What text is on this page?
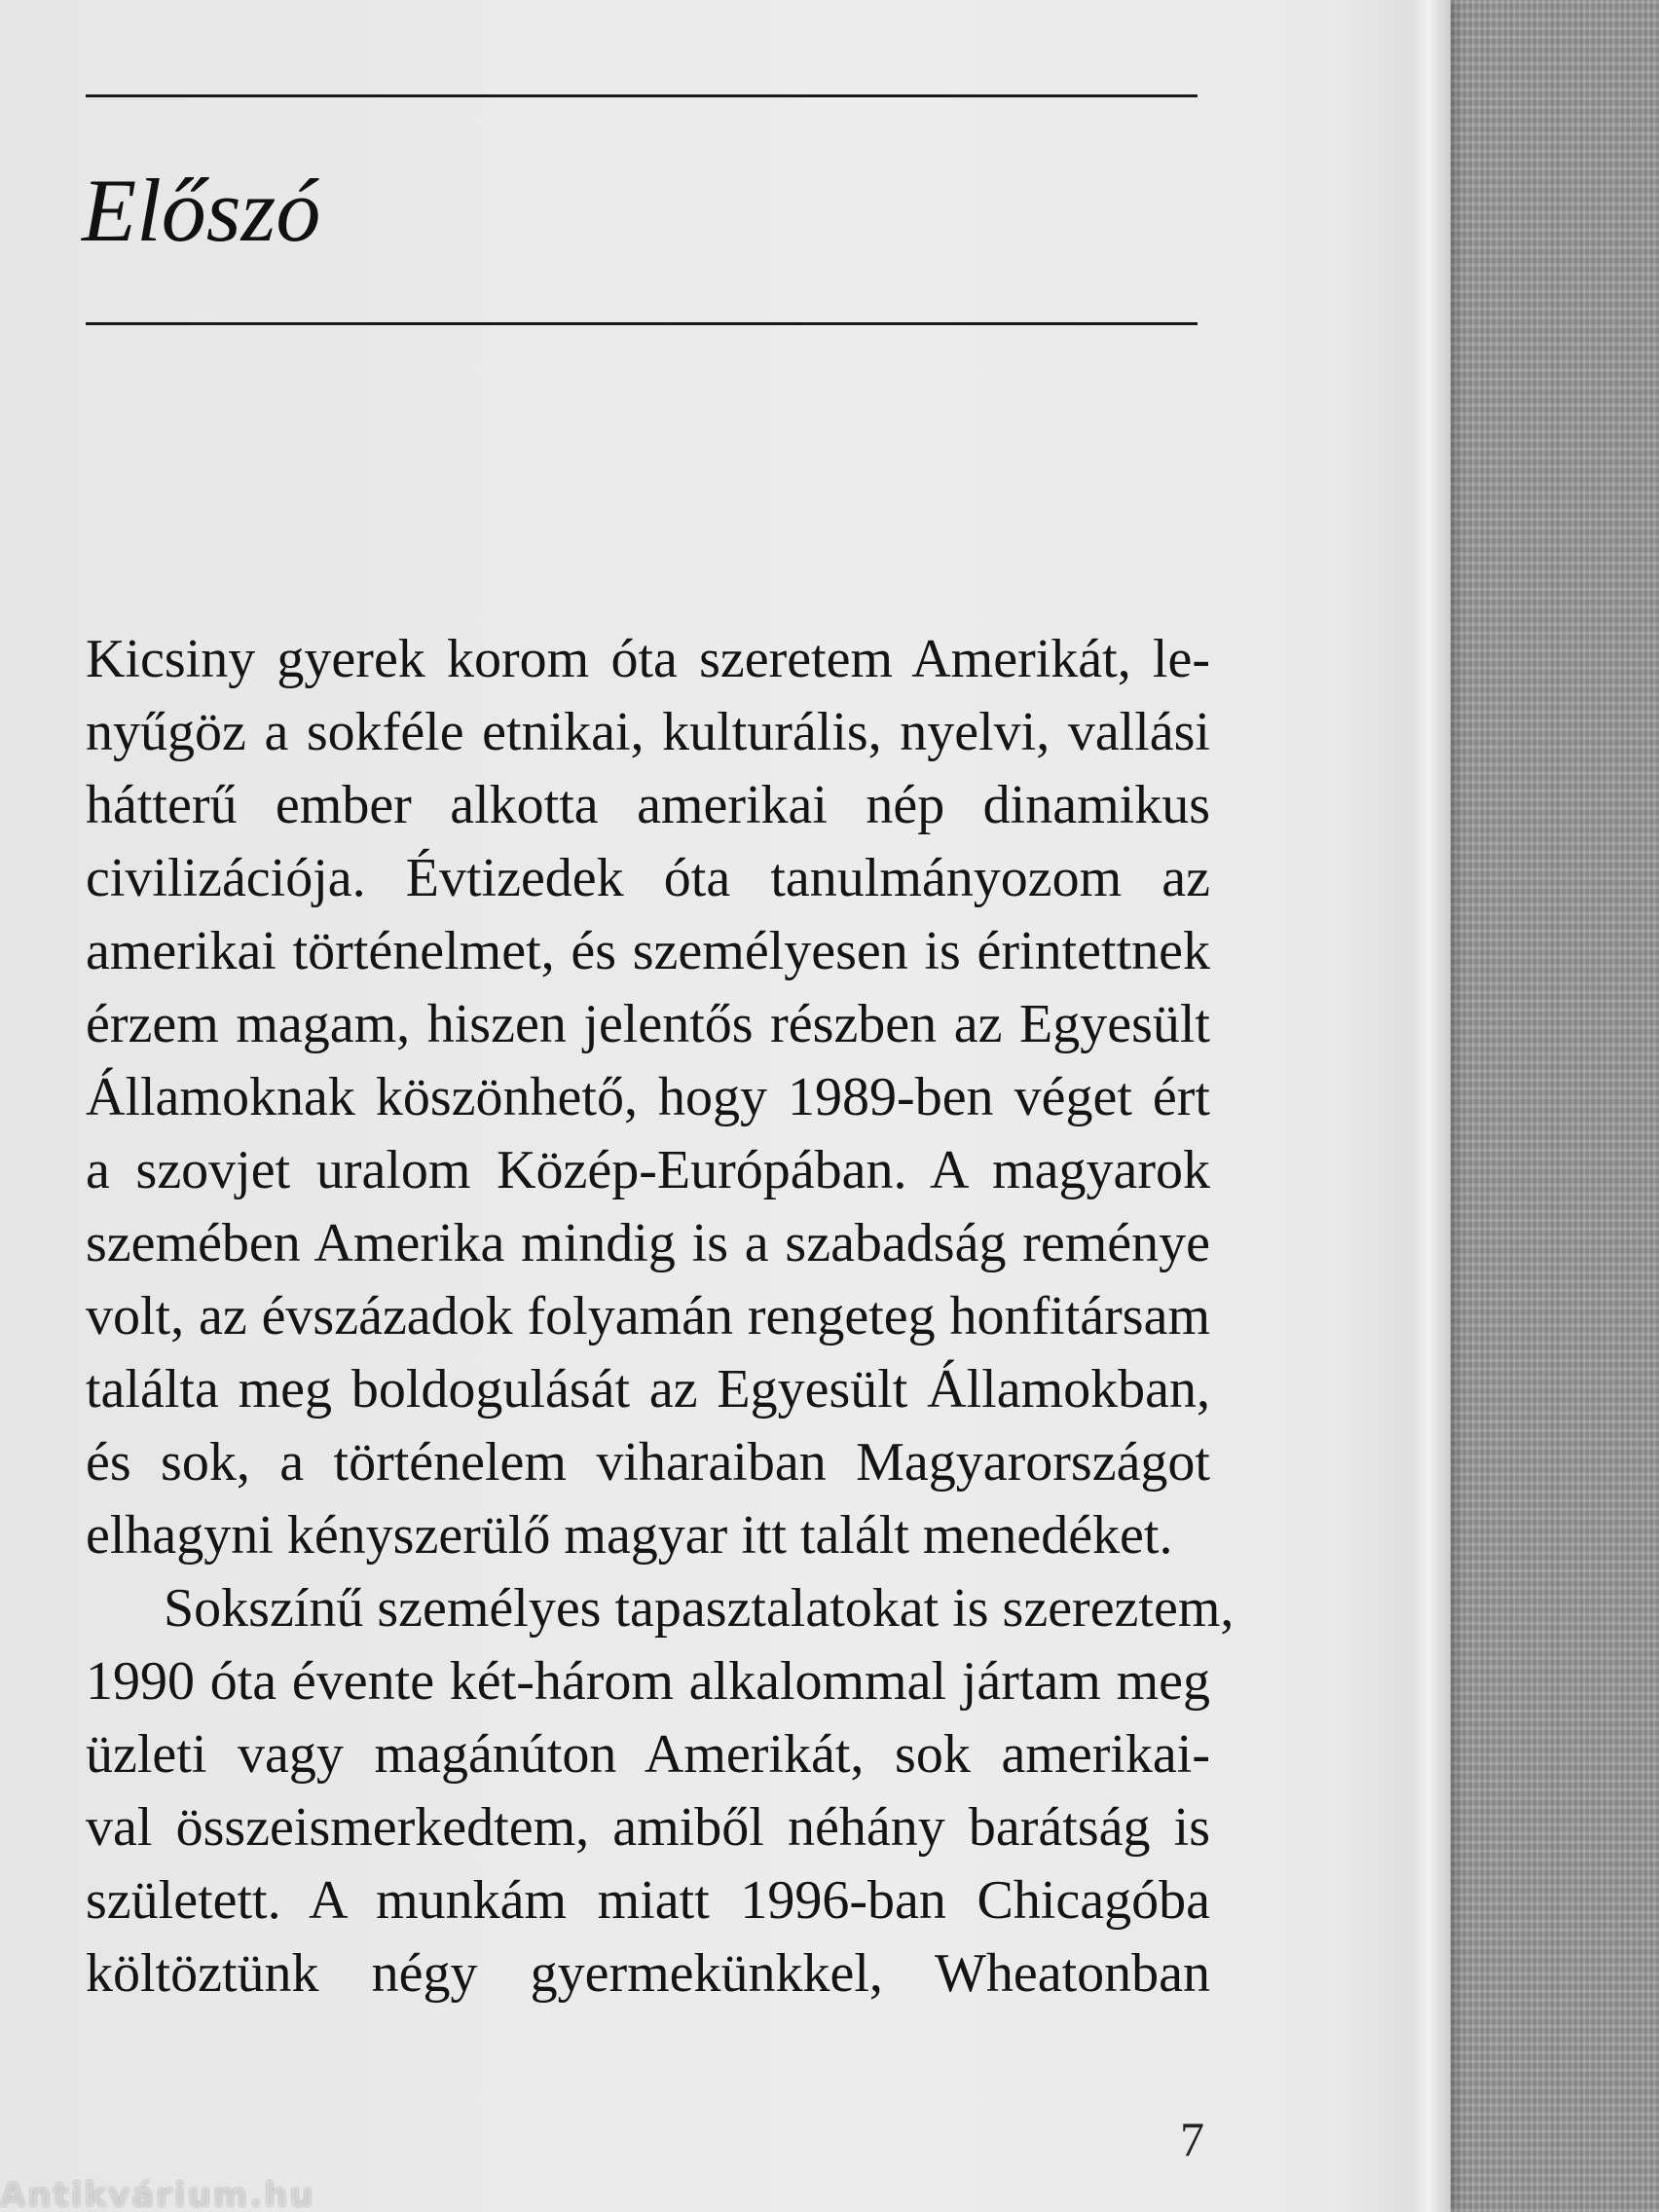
Előszó
Kicsiny gyerek korom óta szeretem Amerikát, le-
nyűgöz a sokféle etnikai, kulturális, nyelvi, vallási
hátterű ember alkotta amerikai nép dinamikus
civilizációja. Évtizedek óta tanulmányozom az
amerikai történelmet, és személyesen is érintettnek
érzem magam, hiszen jelentős részben az Egyesült
Államoknak köszönhető, hogy 1989-ben véget ért
a szovjet uralom Közép-Európában. A magyarok
szemében Amerika mindig is a szabadság reménye
volt, az évszázadok folyamán rengeteg honfitársam
találta meg boldogulását az Egyesült Államokban,
és sok, a történelem viharaiban Magyarországot
elhagyni kényszerülő magyar itt talált menedéket.
Sokszínű személyes tapasztalatokat is szereztem,
1990 óta évente két-három alkalommal jártam meg
üzleti vagy magánúton Amerikát, sok amerikai-
val összeismerkedtem, amiből néhány barátság is
született. A munkám miatt 1996-ban Chicagóba
költöztünk négy gyermekünkkel, Wheatonban
7
Antikvárium.hu
